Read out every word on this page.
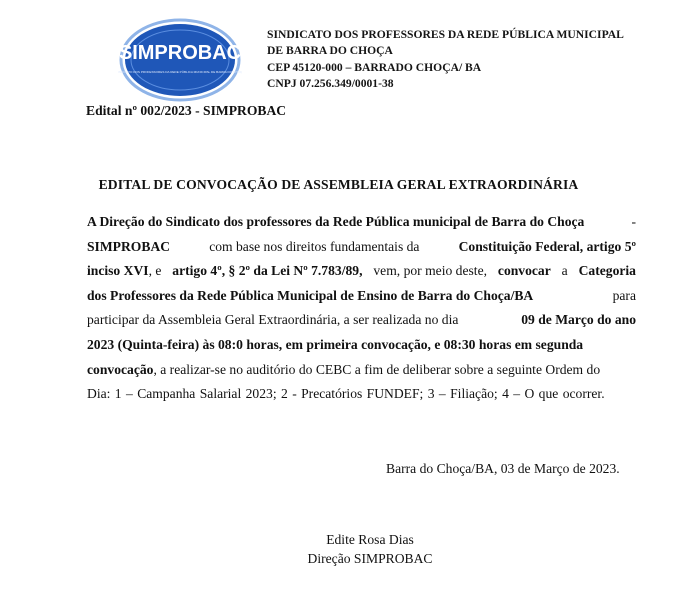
SIMPROBAC
SINDICATO DOS PROFESSORES DA REDE PÚBLICA MUNICIPAL DE BARRA DO CHOÇA
SINDICATO DOS PROFESSORES DA REDE PÚBLICA MUNICIPAL
DE BARRA DO CHOÇA
CEP 45120-000 – BARRADO CHOÇA/ BA
CNPJ 07.256.349/0001-38
Edital nº 002/2023 - SIMPROBAC
EDITAL DE CONVOCAÇÃO DE ASSEMBLEIA GERAL EXTRAORDINÁRIA
A Direção do Sindicato dos professores da Rede Pública municipal de Barra do Choça	-
SIMPROBAC	com base nos direitos fundamentais da	Constituição Federal, artigo 5º
inciso XVI, e artigo 4º, § 2º da Lei Nº 7.783/89, vem, por meio deste, convocar a Categoria
dos Professores da Rede Pública Municipal de Ensino de Barra do Choça/BA	para
participar da Assembleia Geral Extraordinária, a ser realizada no dia	09 de Março do ano
2023 (Quinta-feira) às 08:0 horas, em primeira convocação, e 08:30 horas em segunda
convocação, a realizar-se no auditório do CEBC a fim de deliberar sobre a seguinte Ordem do
Dia: 1 – Campanha Salarial 2023; 2 - Precatórios FUNDEF; 3 – Filiação; 4 – O que ocorrer.
Barra do Choça/BA, 03 de Março de 2023.
Edite Rosa Dias
Direção SIMPROBAC
